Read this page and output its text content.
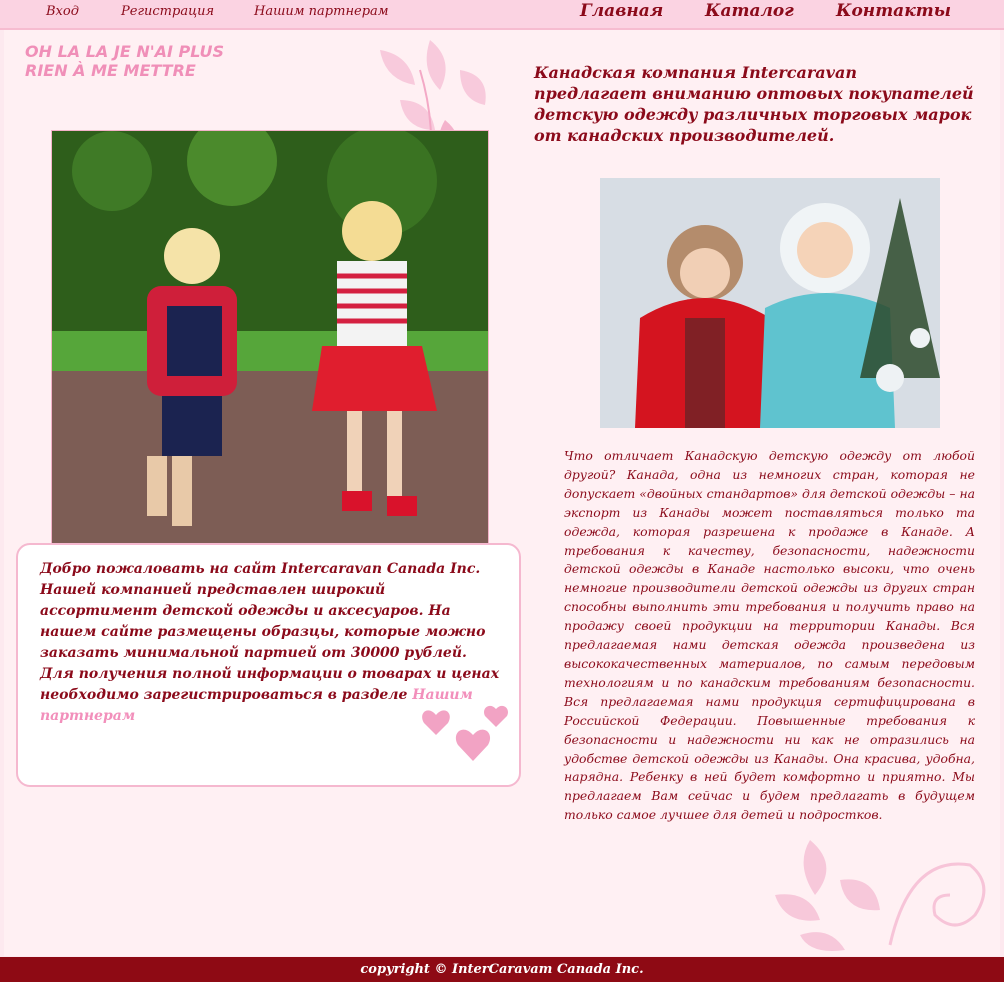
Вход	Регистрация	Нашим партнерам	Главная Каталог Контакты
OH LA LA JE N'AI PLUS RIEN À ME METTRE
Добро пожаловать на сайт Intercaravan Canada Inc. Нашей компанией представлен широкий ассортимент детской одежды и аксесуаров. На нашем сайте размещены образцы, которые можно заказать минимальной партией от 30000 рублей. Для получения полной информации о товарах и ценах необходимо зарегистрироваться в разделе Нашим партнерам
Канадская компания Intercaravan предлагает вниманию оптовых покупателей детскую одежду различных торговых марок от канадских производителей.
Что отличает Канадскую детскую одежду от любой другой? Канада, одна из немногих стран, которая не допускает «двойных стандартов» для детской одежды – на экспорт из Канады может поставляться только та одежда, которая разрешена к продаже в Канаде. А требования к качеству, безопасности, надежности детской одежды в Канаде настолько высоки, что очень немногие производители детской одежды из других стран способны выполнить эти требования и получить право на продажу своей продукции на территории Канады. Вся предлагаемая нами детская одежда произведена из высококачественных материалов, по самым передовым технологиям и по канадским требованиям безопасности. Вся предлагаемая нами продукция сертифицирована в Российской Федерации. Повышенные требования к безопасности и надежности ни как не отразились на удобстве детской одежды из Канады. Она красива, удобна, нарядна. Ребенку в ней будет комфортно и приятно. Мы предлагаем Вам сейчас и будем предлагать в будущем только самое лучшее для детей и подростков.
copyright © InterCaravam Canada Inc.
